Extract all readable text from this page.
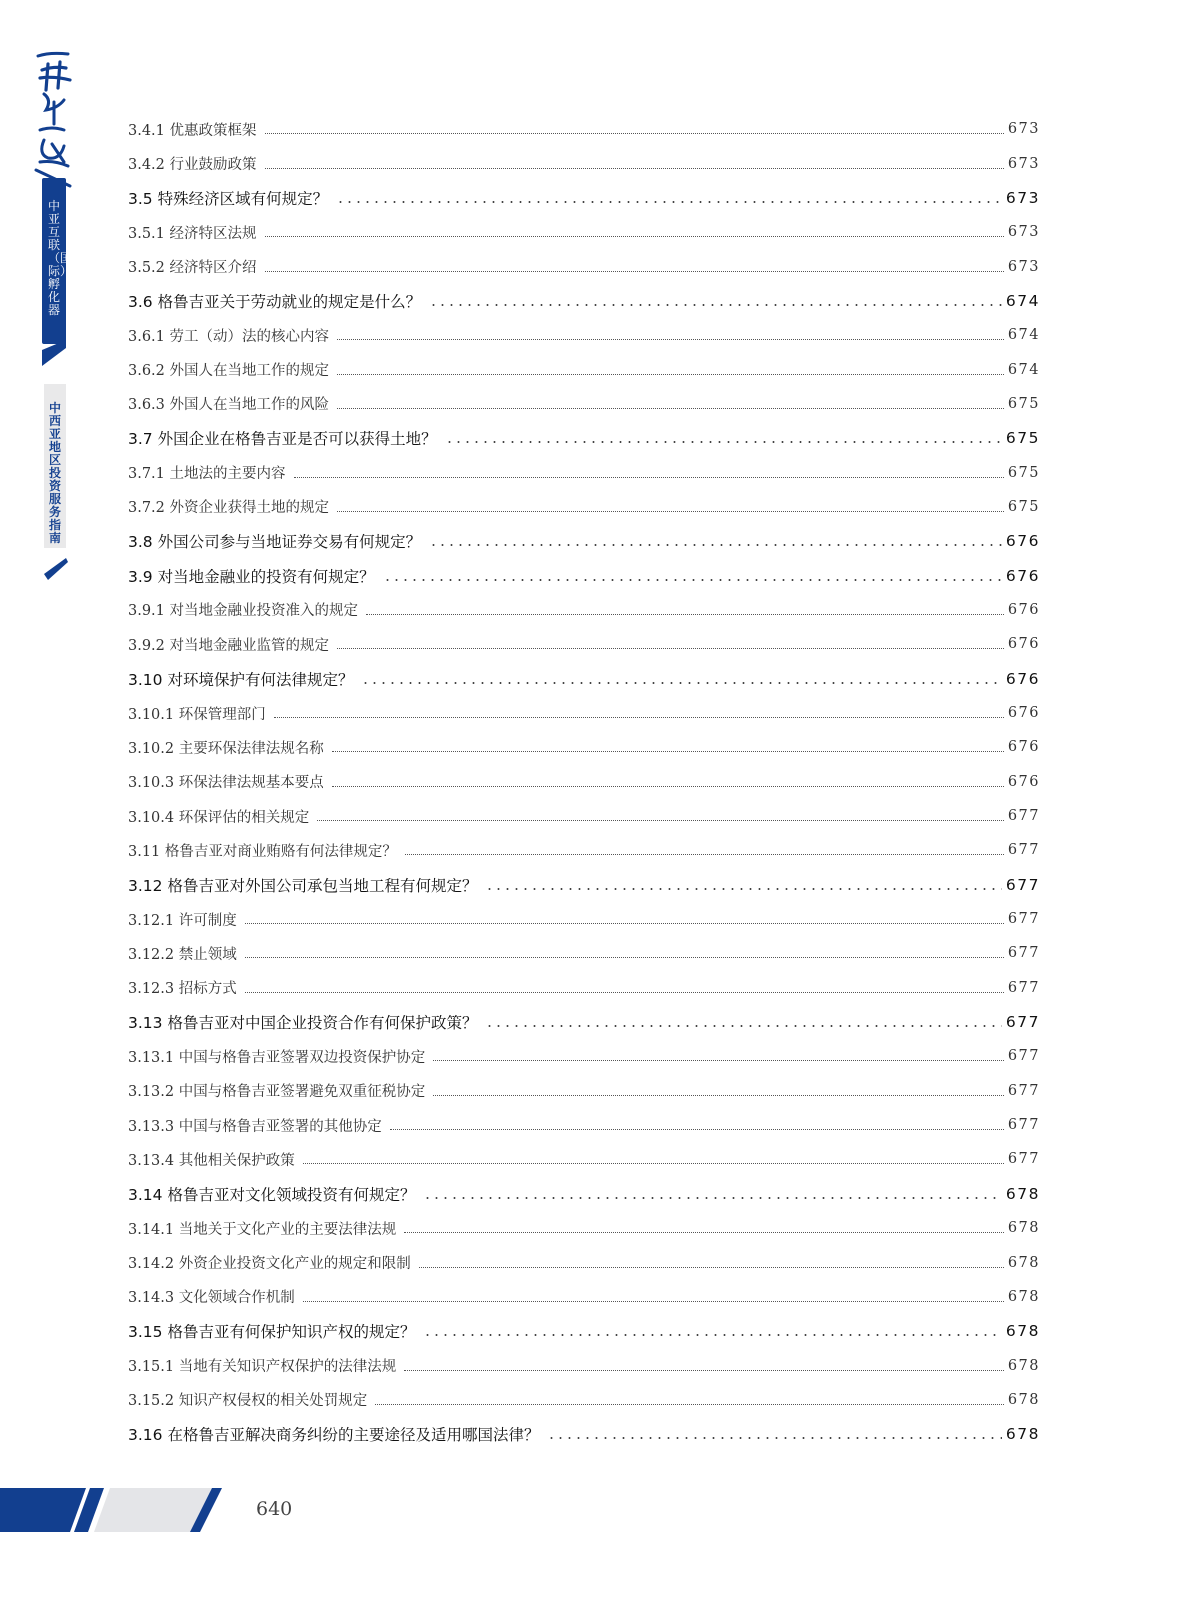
中亚互联（国际）孵化器
中西亚地区投资服务指南
3.4.1 优惠政策框架	673
3.4.2 行业鼓励政策	673
3.5 特殊经济区域有何规定？	673
3.5.1 经济特区法规	673
3.5.2 经济特区介绍	673
3.6 格鲁吉亚关于劳动就业的规定是什么？	674
3.6.1 劳工（动）法的核心内容	674
3.6.2 外国人在当地工作的规定	674
3.6.3 外国人在当地工作的风险	675
3.7 外国企业在格鲁吉亚是否可以获得土地？	675
3.7.1 土地法的主要内容	675
3.7.2 外资企业获得土地的规定	675
3.8 外国公司参与当地证券交易有何规定？	676
3.9 对当地金融业的投资有何规定？	676
3.9.1 对当地金融业投资准入的规定	676
3.9.2 对当地金融业监管的规定	676
3.10 对环境保护有何法律规定？	676
3.10.1 环保管理部门	676
3.10.2 主要环保法律法规名称	676
3.10.3 环保法律法规基本要点	676
3.10.4 环保评估的相关规定	677
3.11 格鲁吉亚对商业贿赂有何法律规定？	677
3.12 格鲁吉亚对外国公司承包当地工程有何规定？	677
3.12.1 许可制度	677
3.12.2 禁止领域	677
3.12.3 招标方式	677
3.13 格鲁吉亚对中国企业投资合作有何保护政策？	677
3.13.1 中国与格鲁吉亚签署双边投资保护协定	677
3.13.2 中国与格鲁吉亚签署避免双重征税协定	677
3.13.3 中国与格鲁吉亚签署的其他协定	677
3.13.4 其他相关保护政策	677
3.14 格鲁吉亚对文化领域投资有何规定？	678
3.14.1 当地关于文化产业的主要法律法规	678
3.14.2 外资企业投资文化产业的规定和限制	678
3.14.3 文化领域合作机制	678
3.15 格鲁吉亚有何保护知识产权的规定？	678
3.15.1 当地有关知识产权保护的法律法规	678
3.15.2 知识产权侵权的相关处罚规定	678
3.16 在格鲁吉亚解决商务纠纷的主要途径及适用哪国法律？	678
640
